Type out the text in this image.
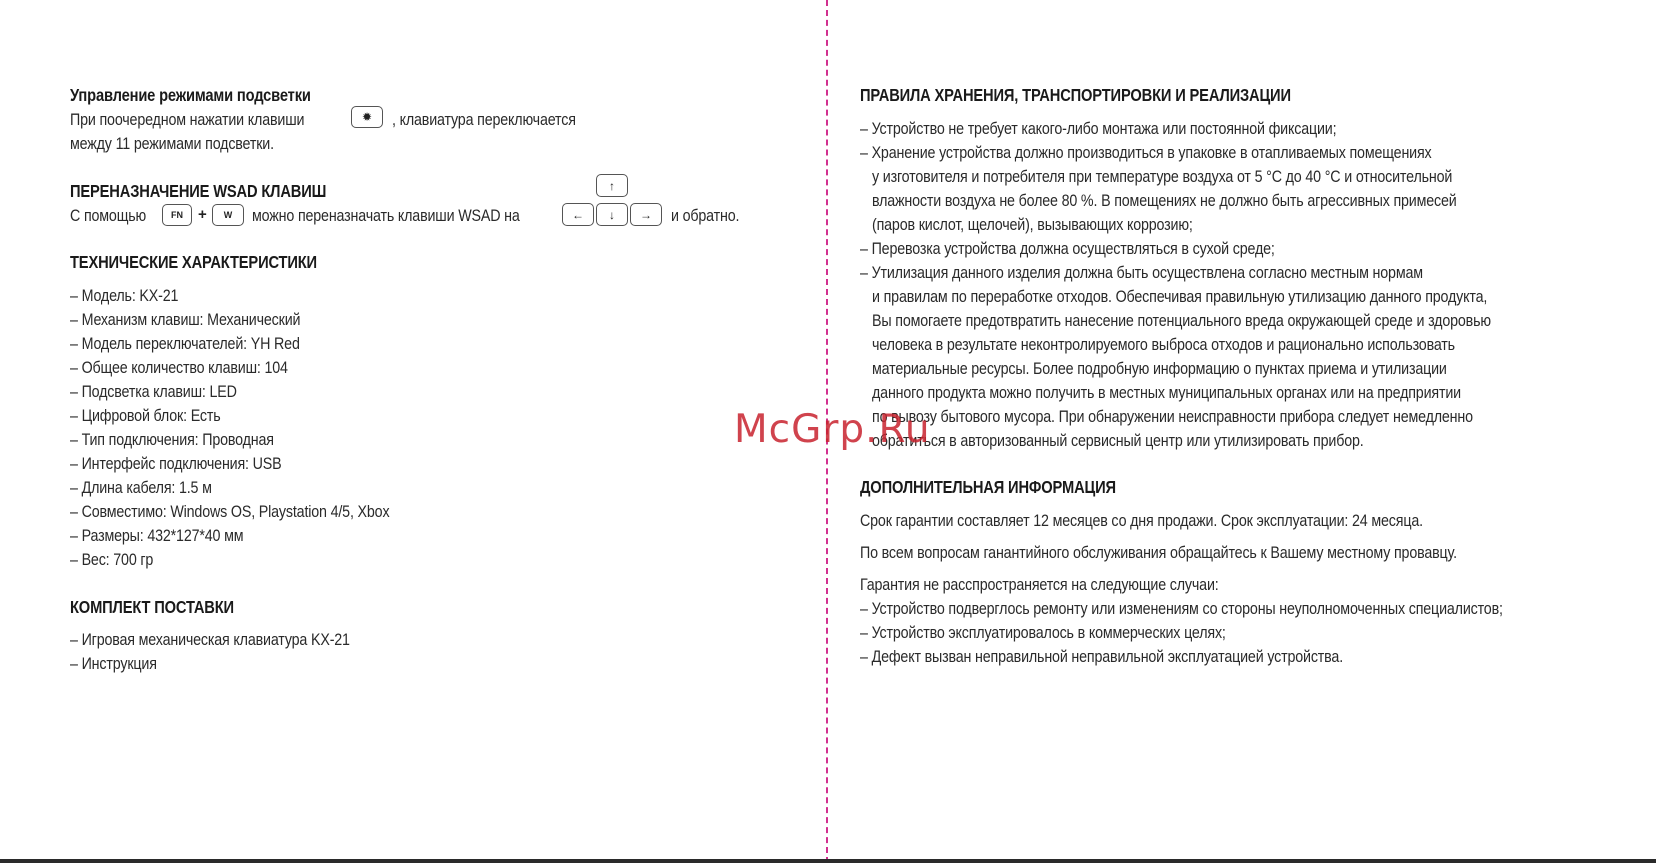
Управление режимами подсветки
При поочередном нажатии клавиши	✹	, клавиатура переключается
между 11 режимами подсветки.
ПЕРЕНАЗНАЧЕНИЕ WSAD КЛАВИШ
С помощью	FN	+	W	можно переназначать клавиши WSAD на
↑
←	↓	→	и обратно.
ТЕХНИЧЕСКИЕ ХАРАКТЕРИСТИКИ
– Модель: KX-21
– Механизм клавиш: Механический
– Модель переключателей: YH Red
– Общее количество клавиш: 104
– Подсветка клавиш: LED
– Цифровой блок: Есть
– Тип подключения: Проводная
– Интерфейс подключения: USB
– Длина кабеля: 1.5 м
– Совместимо: Windows OS, Playstation 4/5, Xbox
– Размеры: 432*127*40 мм
– Вес: 700 гр
КОМПЛЕКТ ПОСТАВКИ
– Игровая механическая клавиатура KX-21
– Инструкция
ПРАВИЛА ХРАНЕНИЯ, ТРАНСПОРТИРОВКИ И РЕАЛИЗАЦИИ
– Устройство не требует какого-либо монтажа или постоянной фиксации;
– Хранение устройства должно производиться в упаковке в отапливаемых помещениях
у изготовителя и потребителя при температуре воздуха от 5 °С до 40 °С и относительной
влажности воздуха не более 80 %. В помещениях не должно быть агрессивных примесей
(паров кислот, щелочей), вызывающих коррозию;
– Перевозка устройства должна осуществляться в сухой среде;
– Утилизация данного изделия должна быть осуществлена согласно местным нормам
и правилам по переработке отходов. Обеспечивая правильную утилизацию данного продукта,
Вы помогаете предотвратить нанесение потенциального вреда окружающей среде и здоровью
человека в результате неконтролируемого выброса отходов и рационально использовать
материальные ресурсы. Более подробную информацию о пунктах приема и утилизации
данного продукта можно получить в местных муниципальных органах или на предприятии
по вывозу бытового мусора. При обнаружении неисправности прибора следует немедленно
обратиться в авторизованный сервисный центр или утилизировать прибор.
ДОПОЛНИТЕЛЬНАЯ ИНФОРМАЦИЯ
Срок гарантии составляет 12 месяцев со дня продажи. Срок эксплуатации: 24 месяца.
По всем вопросам ганантийного обслуживания обращайтесь к Вашему местному провавцу.
Гарантия не расспространяется на следующие случаи:
– Устройство подверглось ремонту или изменениям со стороны неуполномоченных специалистов;
– Устройство эксплуатировалось в коммерческих целях;
– Дефект вызван неправильной неправильной эксплуатацией устройства.
McGrp.Ru
